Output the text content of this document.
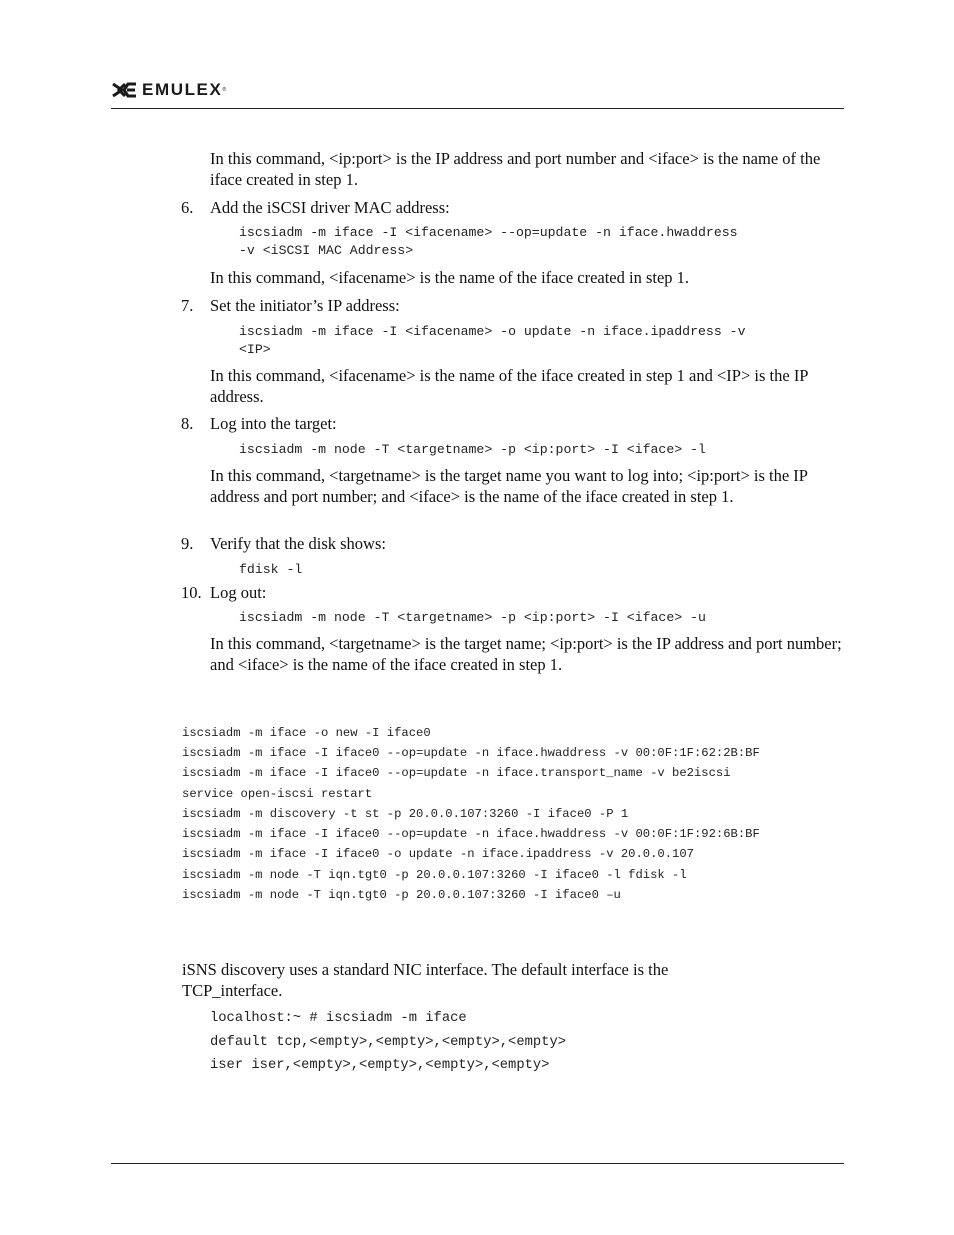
EMULEX ®

In this command, <ip:port> is the IP address and port number and <iface> is the name of the iface created in step 1.

6. Add the iSCSI driver MAC address:

iscsiadm -m iface -I <ifacename> --op=update -n iface.hwaddress
-v <iSCSI MAC Address>

In this command, <ifacename> is the name of the iface created in step 1.

7. Set the initiator’s IP address:

iscsiadm -m iface -I <ifacename> -o update -n iface.ipaddress -v
<IP>

In this command, <ifacename> is the name of the iface created in step 1 and <IP> is the IP address.

8. Log into the target:

iscsiadm -m node -T <targetname> -p <ip:port> -I <iface> -l

In this command, <targetname> is the target name you want to log into; <ip:port> is the IP address and port number; and <iface> is the name of the iface created in step 1.

9. Verify that the disk shows:

fdisk -l
10. Log out:

iscsiadm -m node -T <targetname> -p <ip:port> -I <iface> -u

In this command, <targetname> is the target name; <ip:port> is the IP address and port number; and <iface> is the name of the iface created in step 1.

iscsiadm -m iface -o new -I iface0
iscsiadm -m iface -I iface0 --op=update -n iface.hwaddress -v 00:0F:1F:62:2B:BF
iscsiadm -m iface -I iface0 --op=update -n iface.transport_name -v be2iscsi
service open-iscsi restart
iscsiadm -m discovery -t st -p 20.0.0.107:3260 -I iface0 -P 1
iscsiadm -m iface -I iface0 --op=update -n iface.hwaddress -v 00:0F:1F:92:6B:BF
iscsiadm -m iface -I iface0 -o update -n iface.ipaddress -v 20.0.0.107
iscsiadm -m node -T iqn.tgt0 -p 20.0.0.107:3260 -I iface0 -l fdisk -l
iscsiadm -m node -T iqn.tgt0 -p 20.0.0.107:3260 -I iface0 –u

iSNS discovery uses a standard NIC interface. The default interface is the TCP_interface.

localhost:~ # iscsiadm -m iface
default tcp,<empty>,<empty>,<empty>,<empty>
iser iser,<empty>,<empty>,<empty>,<empty>
